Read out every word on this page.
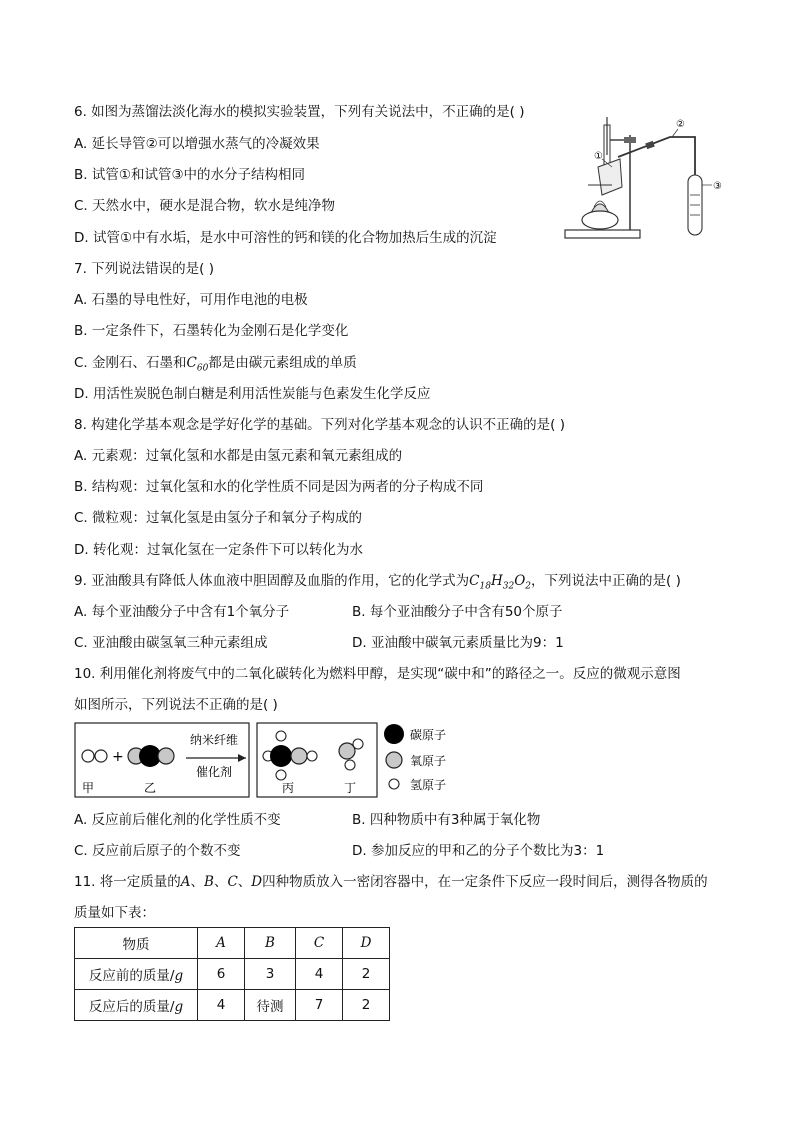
6. 如图为蒸馏法淡化海水的模拟实验装置，下列有关说法中，不正确的是( )
A. 延长导管②可以增强水蒸气的冷凝效果
B. 试管①和试管③中的水分子结构相同
C. 天然水中，硬水是混合物，软水是纯净物
D. 试管①中有水垢，是水中可溶性的钙和镁的化合物加热后生成的沉淀
①
②
③
7. 下列说法错误的是( )
A. 石墨的导电性好，可用作电池的电极
B. 一定条件下，石墨转化为金刚石是化学变化
C. 金刚石、石墨和$C_{60}$都是由碳元素组成的单质
D. 用活性炭脱色制白糖是利用活性炭能与色素发生化学反应
8. 构建化学基本观念是学好化学的基础。下列对化学基本观念的认识不正确的是( )
A. 元素观：过氧化氢和水都是由氢元素和氧元素组成的
B. 结构观：过氧化氢和水的化学性质不同是因为两者的分子构成不同
C. 微粒观：过氧化氢是由氢分子和氧分子构成的
D. 转化观：过氧化氢在一定条件下可以转化为水
9. 亚油酸具有降低人体血液中胆固醇及血脂的作用，它的化学式为$C_{18}H_{32}O_2$，下列说法中正确的是( )
A. 每个亚油酸分子中含有1个氧分子	B. 每个亚油酸分子中含有50个原子
C. 亚油酸由碳氢氧三种元素组成	D. 亚油酸中碳氧元素质量比为9：1
10. 利用催化剂将废气中的二氧化碳转化为燃料甲醇，是实现“碳中和”的路径之一。反应的微观示意图
如图所示，下列说法不正确的是( )
+
甲	乙
纳米纤维
催化剂
丙	丁
碳原子
氧原子
氢原子
A. 反应前后催化剂的化学性质不变	B. 四种物质中有3种属于氧化物
C. 反应前后原子的个数不变	D. 参加反应的甲和乙的分子个数比为3：1
11. 将一定质量的A、B、C、D四种物质放入一密闭容器中，在一定条件下反应一段时间后，测得各物质的
质量如下表：
物质	A	B	C	D
反应前的质量/g	6	3	4	2
反应后的质量/g	4	待测	7	2
